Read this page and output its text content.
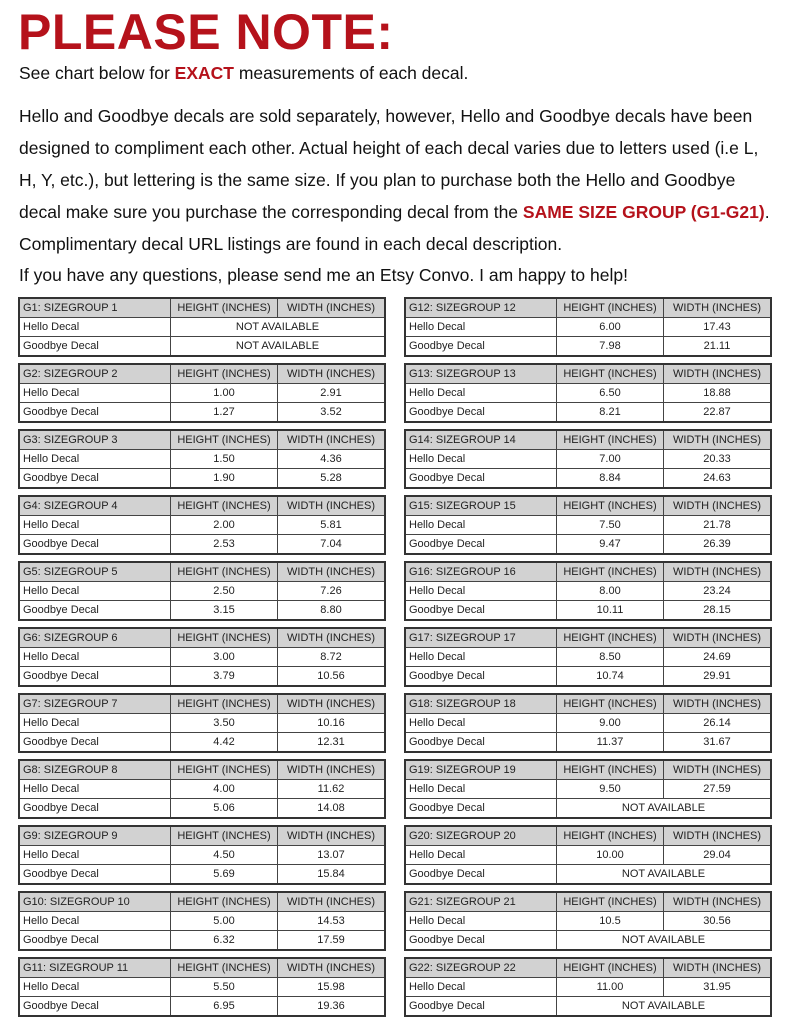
PLEASE NOTE:

See chart below for EXACT measurements of each decal.

Hello and Goodbye decals are sold separately, however, Hello and Goodbye decals have been designed to compliment each other. Actual height of each decal varies due to letters used (i.e L, H, Y, etc.), but lettering is the same size. If you plan to purchase both the Hello and Goodbye decal make sure you purchase the corresponding decal from the SAME SIZE GROUP (G1-G21). Complimentary decal URL listings are found in each decal description.

If you have any questions, please send me an Etsy Convo. I am happy to help!

G1: SIZEGROUP 1	HEIGHT (INCHES)	WIDTH (INCHES)
Hello Decal	NOT AVAILABLE
Goodbye Decal	NOT AVAILABLE
G2: SIZEGROUP 2	HEIGHT (INCHES)	WIDTH (INCHES)
Hello Decal	1.00	2.91
Goodbye Decal	1.27	3.52
G3: SIZEGROUP 3	HEIGHT (INCHES)	WIDTH (INCHES)
Hello Decal	1.50	4.36
Goodbye Decal	1.90	5.28
G4: SIZEGROUP 4	HEIGHT (INCHES)	WIDTH (INCHES)
Hello Decal	2.00	5.81
Goodbye Decal	2.53	7.04
G5: SIZEGROUP 5	HEIGHT (INCHES)	WIDTH (INCHES)
Hello Decal	2.50	7.26
Goodbye Decal	3.15	8.80
G6: SIZEGROUP 6	HEIGHT (INCHES)	WIDTH (INCHES)
Hello Decal	3.00	8.72
Goodbye Decal	3.79	10.56
G7: SIZEGROUP 7	HEIGHT (INCHES)	WIDTH (INCHES)
Hello Decal	3.50	10.16
Goodbye Decal	4.42	12.31
G8: SIZEGROUP 8	HEIGHT (INCHES)	WIDTH (INCHES)
Hello Decal	4.00	11.62
Goodbye Decal	5.06	14.08
G9: SIZEGROUP 9	HEIGHT (INCHES)	WIDTH (INCHES)
Hello Decal	4.50	13.07
Goodbye Decal	5.69	15.84
G10: SIZEGROUP 10	HEIGHT (INCHES)	WIDTH (INCHES)
Hello Decal	5.00	14.53
Goodbye Decal	6.32	17.59
G11: SIZEGROUP 11	HEIGHT (INCHES)	WIDTH (INCHES)
Hello Decal	5.50	15.98
Goodbye Decal	6.95	19.36
G12: SIZEGROUP 12	HEIGHT (INCHES)	WIDTH (INCHES)
Hello Decal	6.00	17.43
Goodbye Decal	7.98	21.11
G13: SIZEGROUP 13	HEIGHT (INCHES)	WIDTH (INCHES)
Hello Decal	6.50	18.88
Goodbye Decal	8.21	22.87
G14: SIZEGROUP 14	HEIGHT (INCHES)	WIDTH (INCHES)
Hello Decal	7.00	20.33
Goodbye Decal	8.84	24.63
G15: SIZEGROUP 15	HEIGHT (INCHES)	WIDTH (INCHES)
Hello Decal	7.50	21.78
Goodbye Decal	9.47	26.39
G16: SIZEGROUP 16	HEIGHT (INCHES)	WIDTH (INCHES)
Hello Decal	8.00	23.24
Goodbye Decal	10.11	28.15
G17: SIZEGROUP 17	HEIGHT (INCHES)	WIDTH (INCHES)
Hello Decal	8.50	24.69
Goodbye Decal	10.74	29.91
G18: SIZEGROUP 18	HEIGHT (INCHES)	WIDTH (INCHES)
Hello Decal	9.00	26.14
Goodbye Decal	11.37	31.67
G19: SIZEGROUP 19	HEIGHT (INCHES)	WIDTH (INCHES)
Hello Decal	9.50	27.59
Goodbye Decal	NOT AVAILABLE
G20: SIZEGROUP 20	HEIGHT (INCHES)	WIDTH (INCHES)
Hello Decal	10.00	29.04
Goodbye Decal	NOT AVAILABLE
G21: SIZEGROUP 21	HEIGHT (INCHES)	WIDTH (INCHES)
Hello Decal	10.5	30.56
Goodbye Decal	NOT AVAILABLE
G22: SIZEGROUP 22	HEIGHT (INCHES)	WIDTH (INCHES)
Hello Decal	11.00	31.95
Goodbye Decal	NOT AVAILABLE
